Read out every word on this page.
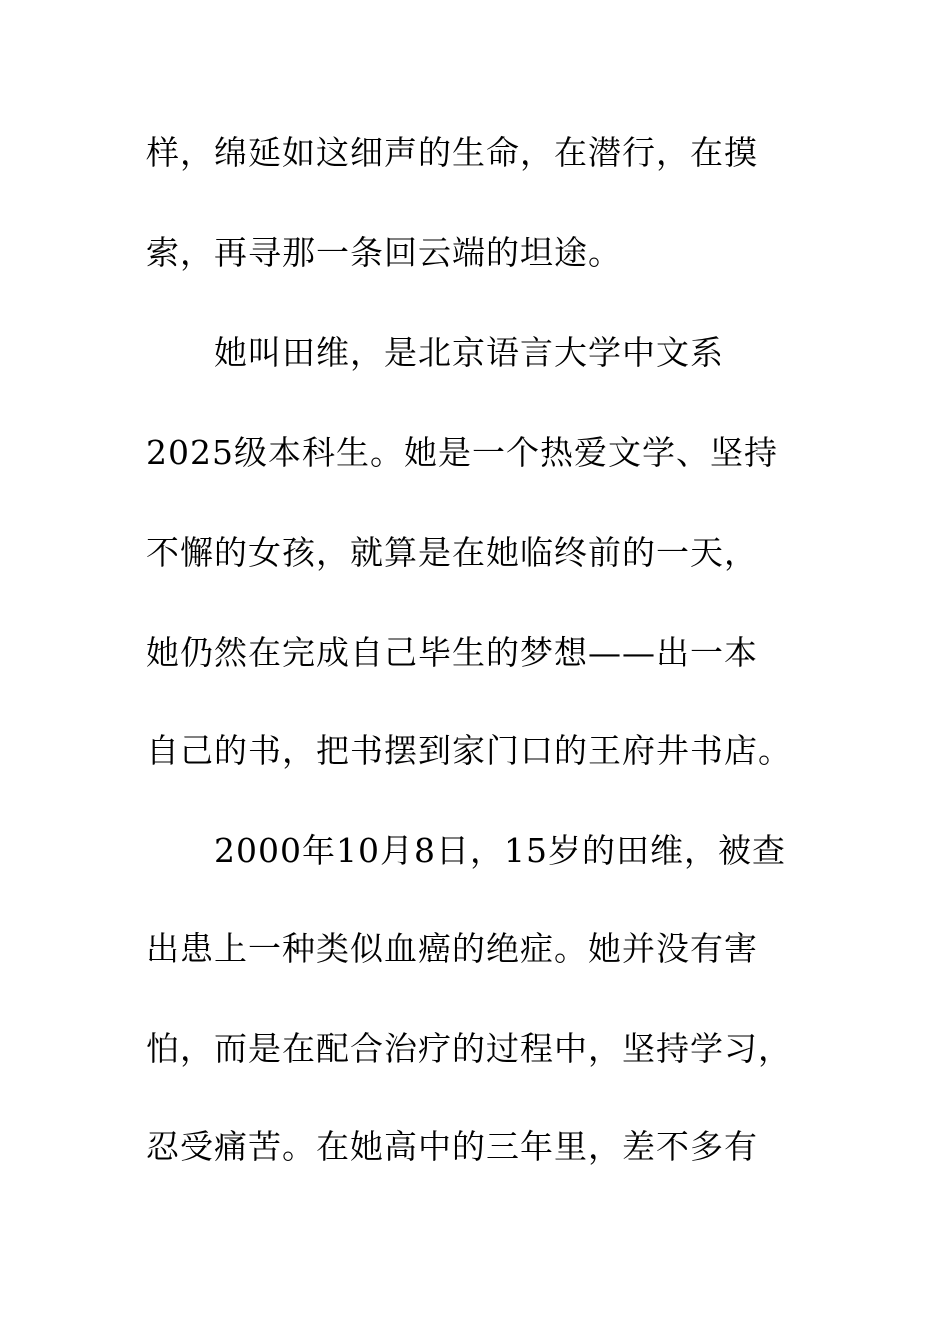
样，绵延如这细声的生命，在潜行，在摸
索，再寻那一条回云端的坦途。
她叫田维，是北京语言大学中文系
2025级本科生。她是一个热爱文学、坚持
不懈的女孩，就算是在她临终前的一天，
她仍然在完成自己毕生的梦想——出一本
自己的书，把书摆到家门口的王府井书店。
2000年10月8日，15岁的田维，被查
出患上一种类似血癌的绝症。她并没有害
怕，而是在配合治疗的过程中，坚持学习，
忍受痛苦。在她高中的三年里，差不多有
